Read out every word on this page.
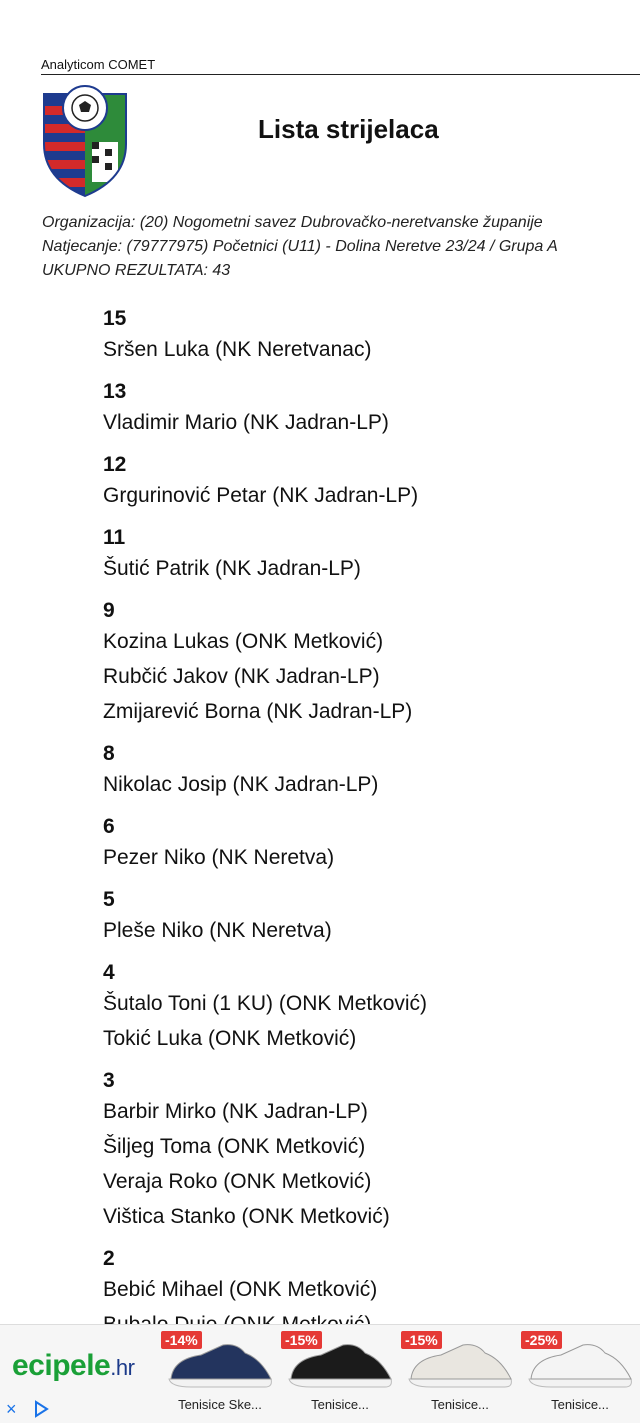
Analyticom COMET
Lista strijelaca
Organizacija: (20) Nogometni savez Dubrovačko-neretvanske županije
Natjecanje: (79777975) Početnici (U11) - Dolina Neretve 23/24 / Grupa A
UKUPNO REZULTATA: 43
15
Sršen Luka (NK Neretvanac)
13
Vladimir Mario (NK Jadran-LP)
12
Grgurinović Petar (NK Jadran-LP)
11
Šutić Patrik (NK Jadran-LP)
9
Kozina Lukas (ONK Metković)
Rubčić Jakov (NK Jadran-LP)
Zmijarević Borna (NK Jadran-LP)
8
Nikolac Josip (NK Jadran-LP)
6
Pezer Niko (NK Neretva)
5
Pleše Niko (NK Neretva)
4
Šutalo Toni (1 KU) (ONK Metković)
Tokić Luka (ONK Metković)
3
Barbir Mirko (NK Jadran-LP)
Šiljeg Toma (ONK Metković)
Veraja Roko (ONK Metković)
Vištica Stanko (ONK Metković)
2
Bebić Mihael (ONK Metković)
ecipele.hr
×
-14%
Tenisice Ske...
-15%
Tenisice...
-15%
Tenisice...
-25%
Tenisice...
